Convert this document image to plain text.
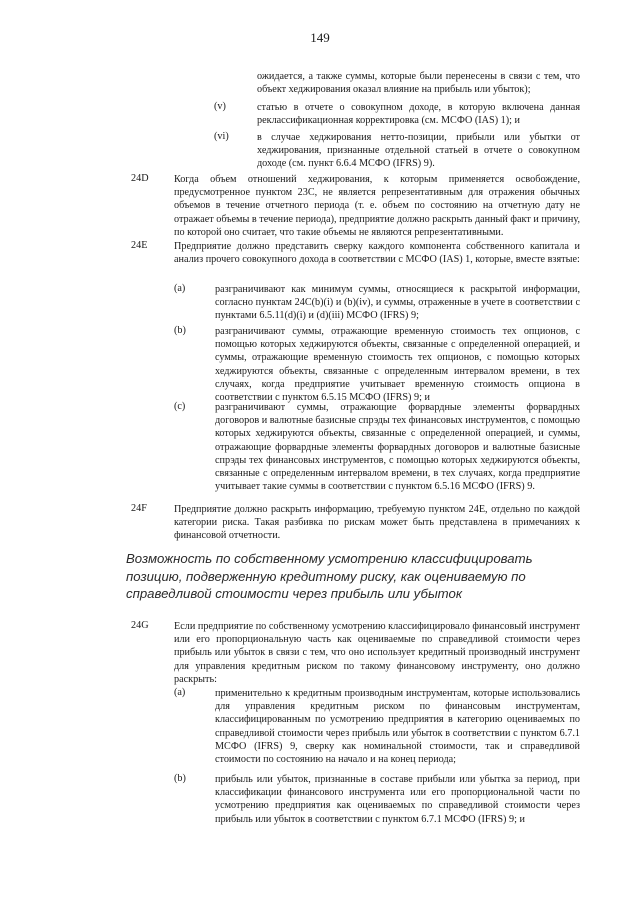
149

ожидается, а также суммы, которые были перенесены в связи с тем, что объект хеджирования оказал влияние на прибыль или убыток);

(v)	статью в отчете о совокупном доходе, в которую включена данная реклассификационная корректировка (см. МСФО (IAS) 1); и

(vi)	в случае хеджирования нетто-позиции, прибыли или убытки от хеджирования, признанные отдельной статьей в отчете о совокупном доходе (см. пункт 6.6.4 МСФО (IFRS) 9).

24D Когда объем отношений хеджирования, к которым применяется освобождение, предусмотренное пунктом 23C, не является репрезентативным для отражения обычных объемов в течение отчетного периода (т. е. объем по состоянию на отчетную дату не отражает объемы в течение периода), предприятие должно раскрыть данный факт и причину, по которой оно считает, что такие объемы не являются репрезентативными.

24E	Предприятие должно представить сверку каждого компонента собственного капитала и анализ прочего совокупного дохода в соответствии с МСФО (IAS) 1, которые, вместе взятые:

(a)	разграничивают как минимум суммы, относящиеся к раскрытой информации, согласно пунктам 24C(b)(i) и (b)(iv), и суммы, отраженные в учете в соответствии с пунктами 6.5.11(d)(i) и (d)(iii) МСФО (IFRS) 9;

(b)	разграничивают суммы, отражающие временную стоимость тех опционов, с помощью которых хеджируются объекты, связанные с определенной операцией, и суммы, отражающие временную стоимость тех опционов, с помощью которых хеджируются объекты, связанные с определенным интервалом времени, в тех случаях, когда предприятие учитывает временную стоимость опциона в соответствии с пунктом 6.5.15 МСФО (IFRS) 9; и

(c)	разграничивают суммы, отражающие форвардные элементы форвардных договоров и валютные базисные спрэды тех финансовых инструментов, с помощью которых хеджируются объекты, связанные с определенной операцией, и суммы, отражающие форвардные элементы форвардных договоров и валютные базисные спрэды тех финансовых инструментов, с помощью которых хеджируются объекты, связанные с определенным интервалом времени, в тех случаях, когда предприятие учитывает такие суммы в соответствии с пунктом 6.5.16 МСФО (IFRS) 9.

24F	Предприятие должно раскрыть информацию, требуемую пунктом 24E, отдельно по каждой категории риска. Такая разбивка по рискам может быть представлена в примечаниях к финансовой отчетности.

Возможность по собственному усмотрению классифицировать позицию, подверженную кредитному риску, как оцениваемую по справедливой стоимости через прибыль или убыток

24G Если предприятие по собственному усмотрению классифицировало финансовый инструмент или его пропорциональную часть как оцениваемые по справедливой стоимости через прибыль или убыток в связи с тем, что оно использует кредитный производный инструмент для управления кредитным риском по такому финансовому инструменту, оно должно раскрыть:

(a)	применительно к кредитным производным инструментам, которые использовались для управления кредитным риском по финансовым инструментам, классифицированным по усмотрению предприятия в категорию оцениваемых по справедливой стоимости через прибыль или убыток в соответствии с пунктом 6.7.1 МСФО (IFRS) 9, сверку как номинальной стоимости, так и справедливой стоимости по состоянию на начало и на конец периода;

(b)	прибыль или убыток, признанные в составе прибыли или убытка за период, при классификации финансового инструмента или его пропорциональной части по усмотрению предприятия как оцениваемых по справедливой стоимости через прибыль или убыток в соответствии с пунктом 6.7.1 МСФО (IFRS) 9; и
